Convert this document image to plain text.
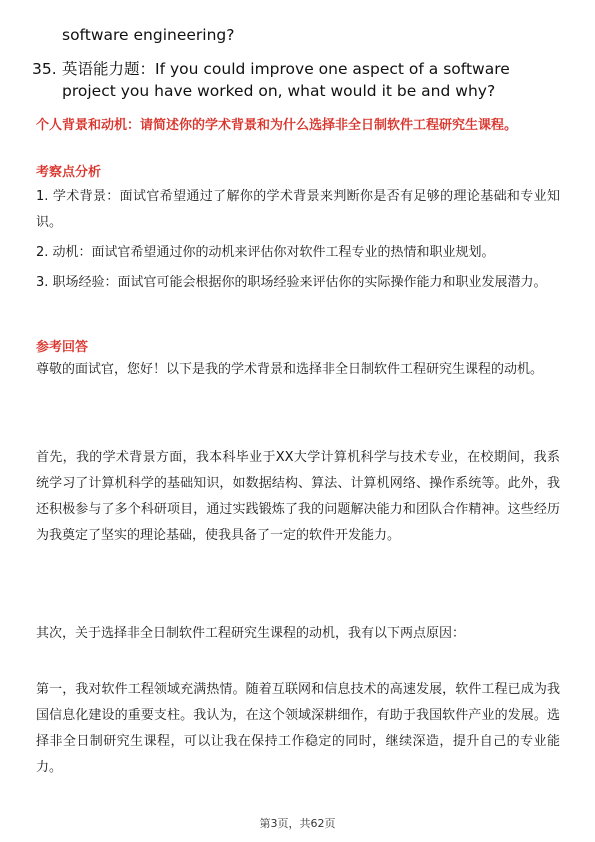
software engineering?
35. 英语能力题：If you could improve one aspect of a software project you have worked on, what would it be and why?
个人背景和动机：请简述你的学术背景和为什么选择非全日制软件工程研究生课程。
考察点分析
1. 学术背景：面试官希望通过了解你的学术背景来判断你是否有足够的理论基础和专业知识。
2. 动机：面试官希望通过你的动机来评估你对软件工程专业的热情和职业规划。
3. 职场经验：面试官可能会根据你的职场经验来评估你的实际操作能力和职业发展潜力。
参考回答
尊敬的面试官，您好！以下是我的学术背景和选择非全日制软件工程研究生课程的动机。
首先，我的学术背景方面，我本科毕业于XX大学计算机科学与技术专业，在校期间，我系统学习了计算机科学的基础知识，如数据结构、算法、计算机网络、操作系统等。此外，我还积极参与了多个科研项目，通过实践锻炼了我的问题解决能力和团队合作精神。这些经历为我奠定了坚实的理论基础，使我具备了一定的软件开发能力。
其次，关于选择非全日制软件工程研究生课程的动机，我有以下两点原因：
第一，我对软件工程领域充满热情。随着互联网和信息技术的高速发展，软件工程已成为我国信息化建设的重要支柱。我认为，在这个领域深耕细作，有助于我国软件产业的发展。选择非全日制研究生课程，可以让我在保持工作稳定的同时，继续深造，提升自己的专业能力。
第3页，共62页
